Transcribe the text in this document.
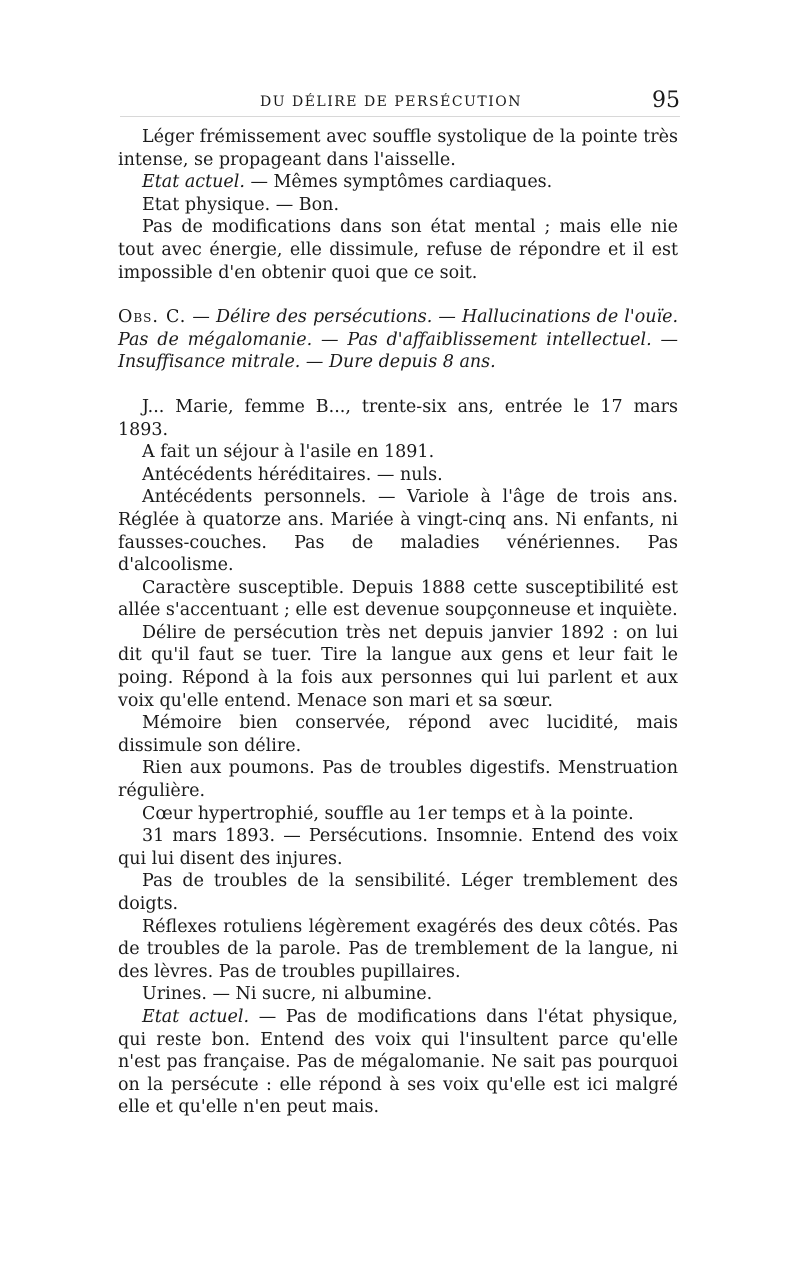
DU DÉLIRE DE PERSÉCUTION	95

Léger frémissement avec souffle systolique de la pointe très intense, se propageant dans l'aisselle.

Etat actuel. — Mêmes symptômes cardiaques.

Etat physique. — Bon.

Pas de modifications dans son état mental ; mais elle nie tout avec énergie, elle dissimule, refuse de répondre et il est impossible d'en obtenir quoi que ce soit.

Obs. C. — Délire des persécutions. — Hallucinations de l'ouïe. Pas de mégalomanie. — Pas d'affaiblissement intellectuel. — Insuffisance mitrale. — Dure depuis 8 ans.

J... Marie, femme B..., trente-six ans, entrée le 17 mars 1893.

A fait un séjour à l'asile en 1891.

Antécédents héréditaires. — nuls.

Antécédents personnels. — Variole à l'âge de trois ans. Réglée à quatorze ans. Mariée à vingt-cinq ans. Ni enfants, ni fausses-couches. Pas de maladies vénériennes. Pas d'alcoolisme.

Caractère susceptible. Depuis 1888 cette susceptibilité est allée s'accentuant ; elle est devenue soupçonneuse et inquiète.

Délire de persécution très net depuis janvier 1892 : on lui dit qu'il faut se tuer. Tire la langue aux gens et leur fait le poing. Répond à la fois aux personnes qui lui parlent et aux voix qu'elle entend. Menace son mari et sa sœur.

Mémoire bien conservée, répond avec lucidité, mais dissimule son délire.

Rien aux poumons. Pas de troubles digestifs. Menstruation régulière.

Cœur hypertrophié, souffle au 1er temps et à la pointe.

31 mars 1893. — Persécutions. Insomnie. Entend des voix qui lui disent des injures.

Pas de troubles de la sensibilité. Léger tremblement des doigts.

Réflexes rotuliens légèrement exagérés des deux côtés. Pas de troubles de la parole. Pas de tremblement de la langue, ni des lèvres. Pas de troubles pupillaires.

Urines. — Ni sucre, ni albumine.

Etat actuel. — Pas de modifications dans l'état physique, qui reste bon. Entend des voix qui l'insultent parce qu'elle n'est pas française. Pas de mégalomanie. Ne sait pas pourquoi on la persécute : elle répond à ses voix qu'elle est ici malgré elle et qu'elle n'en peut mais.
